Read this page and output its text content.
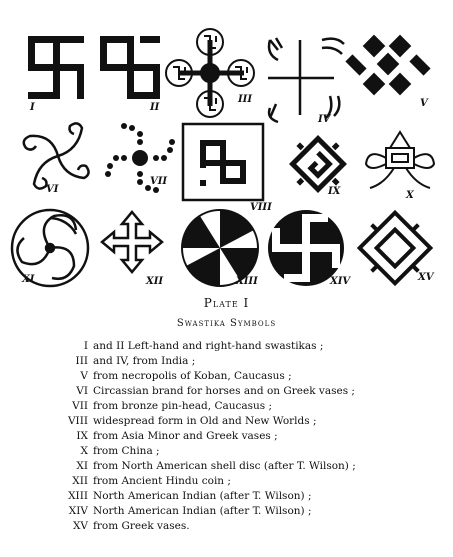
I	II
III
IV
V
VI
VII
VIII
IX	X
XI	XII	XIII	XIV	XV
Plate I
Swastika Symbols
I and II Left-hand and right-hand swastikas ;
III and IV, from India ;
V from necropolis of Koban, Caucasus ;
VI Circassian brand for horses and on Greek vases ;
VII from bronze pin-head, Caucasus ;
VIII widespread form in Old and New Worlds ;
IX from Asia Minor and Greek vases ;
X from China ;
XI from North American shell disc (after T. Wilson) ;
XII from Ancient Hindu coin ;
XIII North American Indian (after T. Wilson) ;
XIV North American Indian (after T. Wilson) ;
XV from Greek vases.
